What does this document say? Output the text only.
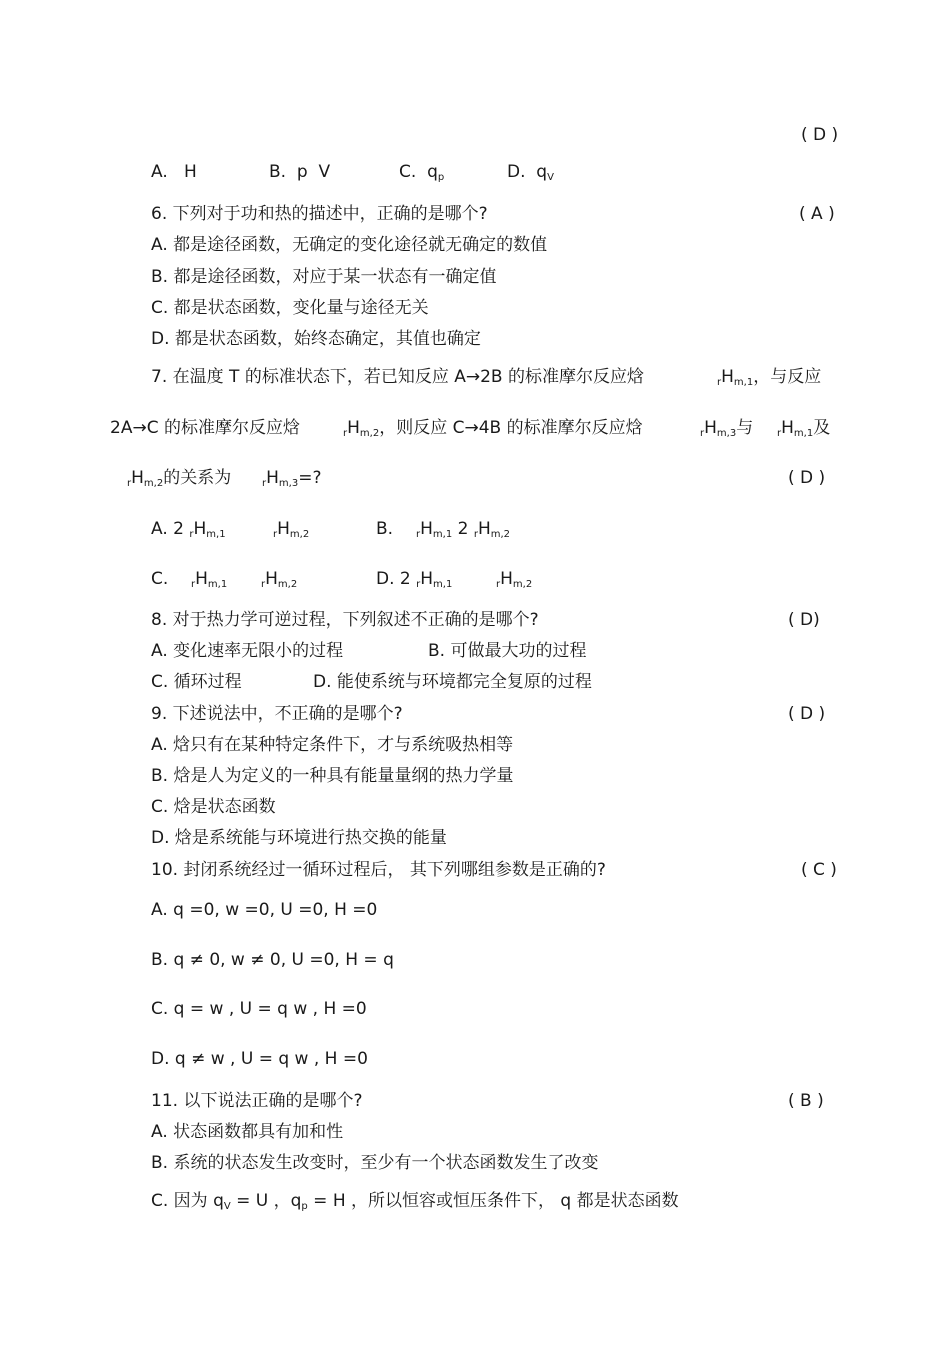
( D )
A.   H	B.  p  V	C.  $q_p$	D.  $q_V$
6. 下列对于功和热的描述中，正确的是哪个?	( A )
A. 都是途径函数，无确定的变化途径就无确定的数值
B. 都是途径函数，对应于某一状态有一确定值
C. 都是状态函数，变化量与途径无关
D. 都是状态函数，始终态确定，其值也确定
7. 在温度 T 的标准状态下，若已知反应 A→2B 的标准摩尔反应焓	$_rH_{m,1}$，与反应
2A→C 的标准摩尔反应焓	$_rH_{m,2}$，则反应 C→4B 的标准摩尔反应焓	$_rH_{m,3}$与 $_rH_{m,1}$及
$_rH_{m,2}$的关系为	$_rH_{m,3}=$?	( D )
A. 2 $_rH_{m,1}$	$_rH_{m,2}$	B. $_rH_{m,1}$ 2 $_rH_{m,2}$
C. $_rH_{m,1}$	$_rH_{m,2}$	D. 2 $_rH_{m,1}$	$_rH_{m,2}$
8. 对于热力学可逆过程，下列叙述不正确的是哪个?	( D)
A. 变化速率无限小的过程	B. 可做最大功的过程
C. 循环过程	D. 能使系统与环境都完全复原的过程
9. 下述说法中，不正确的是哪个?	( D )
A. 焓只有在某种特定条件下，才与系统吸热相等
B. 焓是人为定义的一种具有能量量纲的热力学量
C. 焓是状态函数
D. 焓是系统能与环境进行热交换的能量
10. 封闭系统经过一循环过程后， 其下列哪组参数是正确的?	( C )
A. q =0, w =0, U =0, H =0
B. q ≠ 0, w ≠ 0, U =0, H = q
C. q = w , U = q w , H =0
D. q ≠ w , U = q w , H =0
11. 以下说法正确的是哪个?	( B )
A. 状态函数都具有加和性
B. 系统的状态发生改变时，至少有一个状态函数发生了改变
C. 因为 $q_V = U$ ，$q_p = H$ ，所以恒容或恒压条件下， q 都是状态函数
